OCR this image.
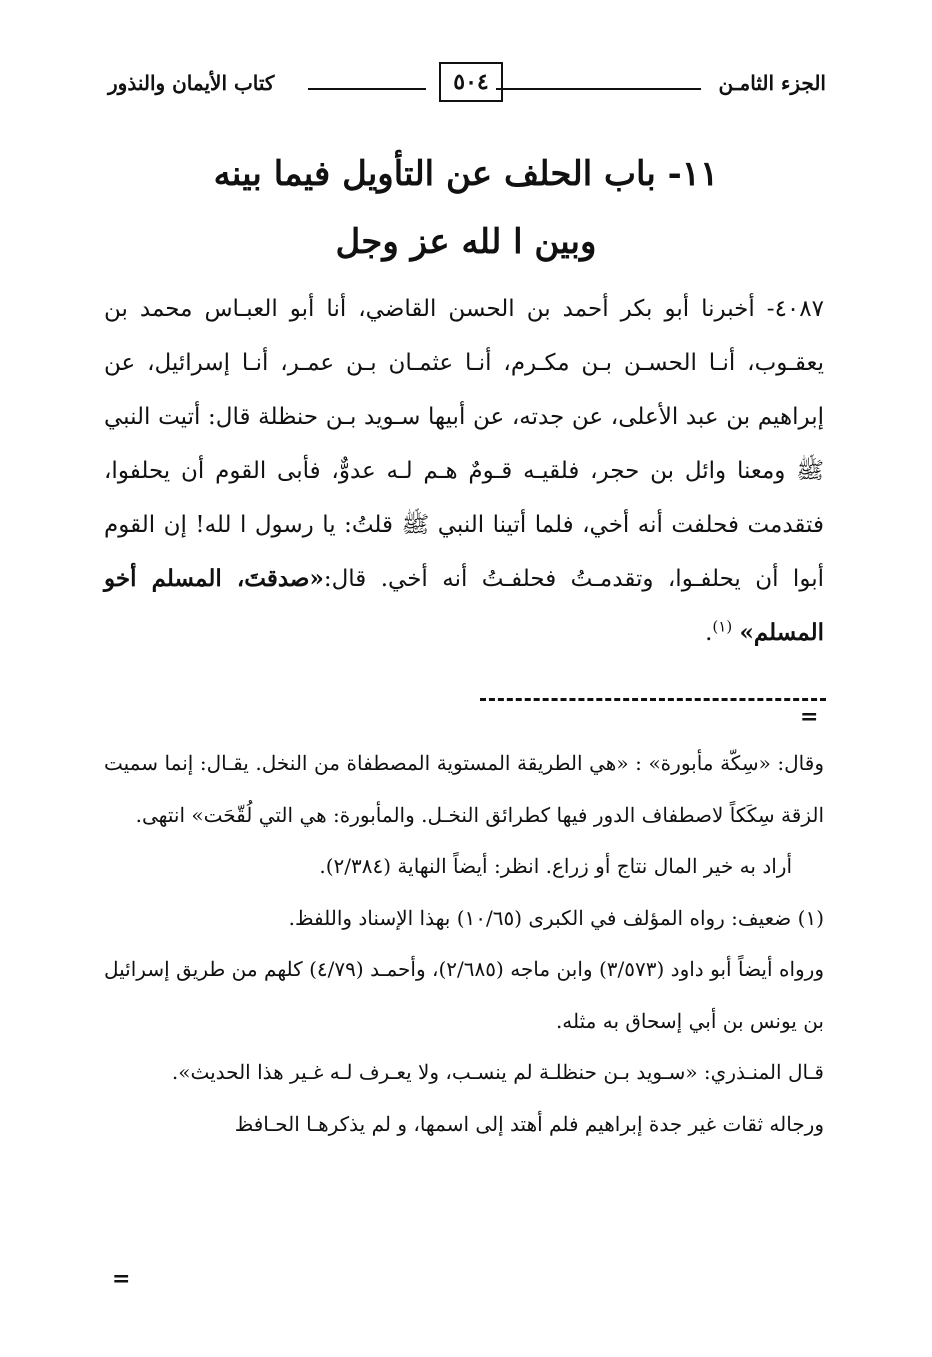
الجزء الثامـن
٥٠٤
كتاب الأيمان والنذور
١١- باب الحلف عن التأويل فيما بينه
وبين ا لله عز وجل

٤٠٨٧- أخبرنا أبو بكر أحمد بن الحسن القاضي، أنا أبو العبـاس محمد بن يعقـوب، أنـا الحسـن بـن مكـرم، أنـا عثمـان بـن عمـر، أنـا إسرائيل، عن إبراهيم بن عبد الأعلى، عن جدته، عن أبيها سـويد بـن حنظلة قال: أتيت النبي ﷺ ومعنا وائل بن حجر، فلقيـه قـومٌ هـم لـه عدوٌّ، فأبى القوم أن يحلفوا، فتقدمت فحلفت أنه أخي، فلما أتينا النبي ﷺ قلتُ: يا رسول ا لله! إن القوم أبوا أن يحلفـوا، وتقدمـتُ فحلفـتُ أنه أخي. قال:«صدقتَ، المسلم أخو المسلم» $^{(١)}$.

=

وقال: «سِكّة مأبورة» : «هي الطريقة المستوية المصطفاة من النخل. يقـال: إنما سميت الزقة سِكَكاً لاصطفاف الدور فيها كطرائق النخـل. والمأبورة: هي التي لُقّحَت» انتهى.

أراد به خير المال نتاج أو زراع. انظر: أيضاً النهاية (٢/٣٨٤).

(١) ضعيف: رواه المؤلف في الكبرى (١٠/٦٥) بهذا الإسناد واللفظ.

ورواه أيضاً أبو داود (٣/٥٧٣) وابن ماجه (٢/٦٨٥)، وأحمـد (٤/٧٩) كلهم من طريق إسرائيل بن يونس بن أبي إسحاق به مثله.

قـال المنـذري: «سـويد بـن حنظلـة لم ينسـب، ولا يعـرف لـه غـير هذا الحديث».

ورجاله ثقات غير جدة إبراهيم فلم أهتد إلى اسمها، و لم يذكرهـا الحـافظ

=
